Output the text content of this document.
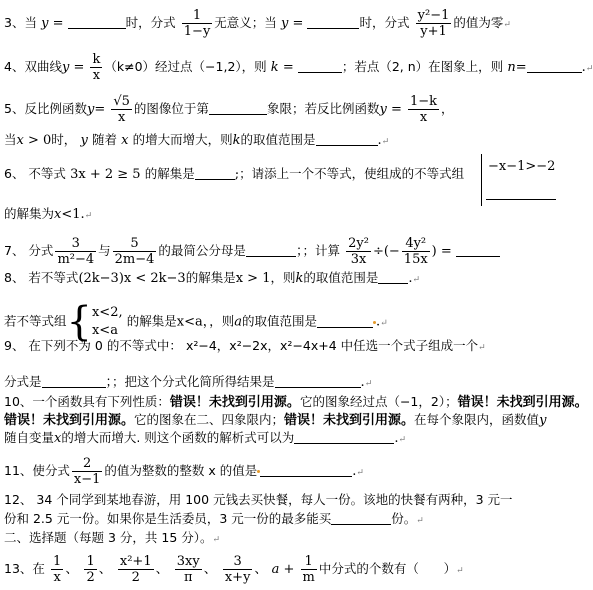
3、当 y =	时，分式 $\frac{1}{1-y}$ 无意义；当 y =	时，分式 $\frac{\text{y²−1}}{y+1}$ 的值为零↵
4、双曲线$y = \frac{k}{x} (k\ne 0)$经过点（−1,2），则 k =	；若点（2, n）在图象上，则 n=	.↵
5、反比例函数$y= \frac{√5}{x}$ 的图像位于第	象限；若反比例函数$y = \frac{1-k}{x}$ ，
当x > 0时， y 随着 x 的增大而增大，则k的取值范围是	.↵
6、 不等式 3x + 2 ≥ 5 的解集是	;；请添上一个不等式，使组成的不等式组 −x−1>−2
的解集为x<1.↵
7、 分式 $\frac{3}{\text{m²−4}}$ 与 $\frac{5}{2m-4}$ 的最简公分母是	；；计算 $\frac{\text{2y²}}{3x}$ ÷(− $\frac{\text{4y²}}{15x}$ ) =
8、 若不等式(2k−3)x < 2k−3的解集是x > 1，则k的取值范围是 .↵
若不等式组{ x<2,
x<a
的解集是x<a，，则a的取值范围是	.↵
9、 在下列不为 0 的不等式中： x²−4，x²−2x，x²−4x+4 中任选一个式子组成一个↵
分式是	；；把这个分式化简所得结果是	.↵
10、一个函数具有下列性质：错误！未找到引用源。它的图象经过点（−1，2）；错误！未找到引用源。
错误！未找到引用源。它的图象在二、四象限内；错误！未找到引用源。在每个象限内，函数值y
随自变量x的增大而增大. 则这个函数的解析式可以为	.↵
11、使分式 $\frac{2}{x-1}$ 的值为整数的整数 x 的值是	.↵
12、 34 个同学到某地春游，用 100 元钱去买快餐，每人一份。该地的快餐有两种，3 元一
份和 2.5 元一份。如果你是生活委员，3 元一份的最多能买	份。↵
二、选择题（每题 3 分，共 15 分）。↵
13、在 $\frac{1}{x}$ 、 $\frac{1}{2}$ 、 $\frac{\text{x²+1}}{2}$ 、 $\frac{3xy}{\pi}$ 、 $\frac{3}{x+y}$ 、 $a + \frac{1}{m}$ 中分式的个数有（ ）↵
